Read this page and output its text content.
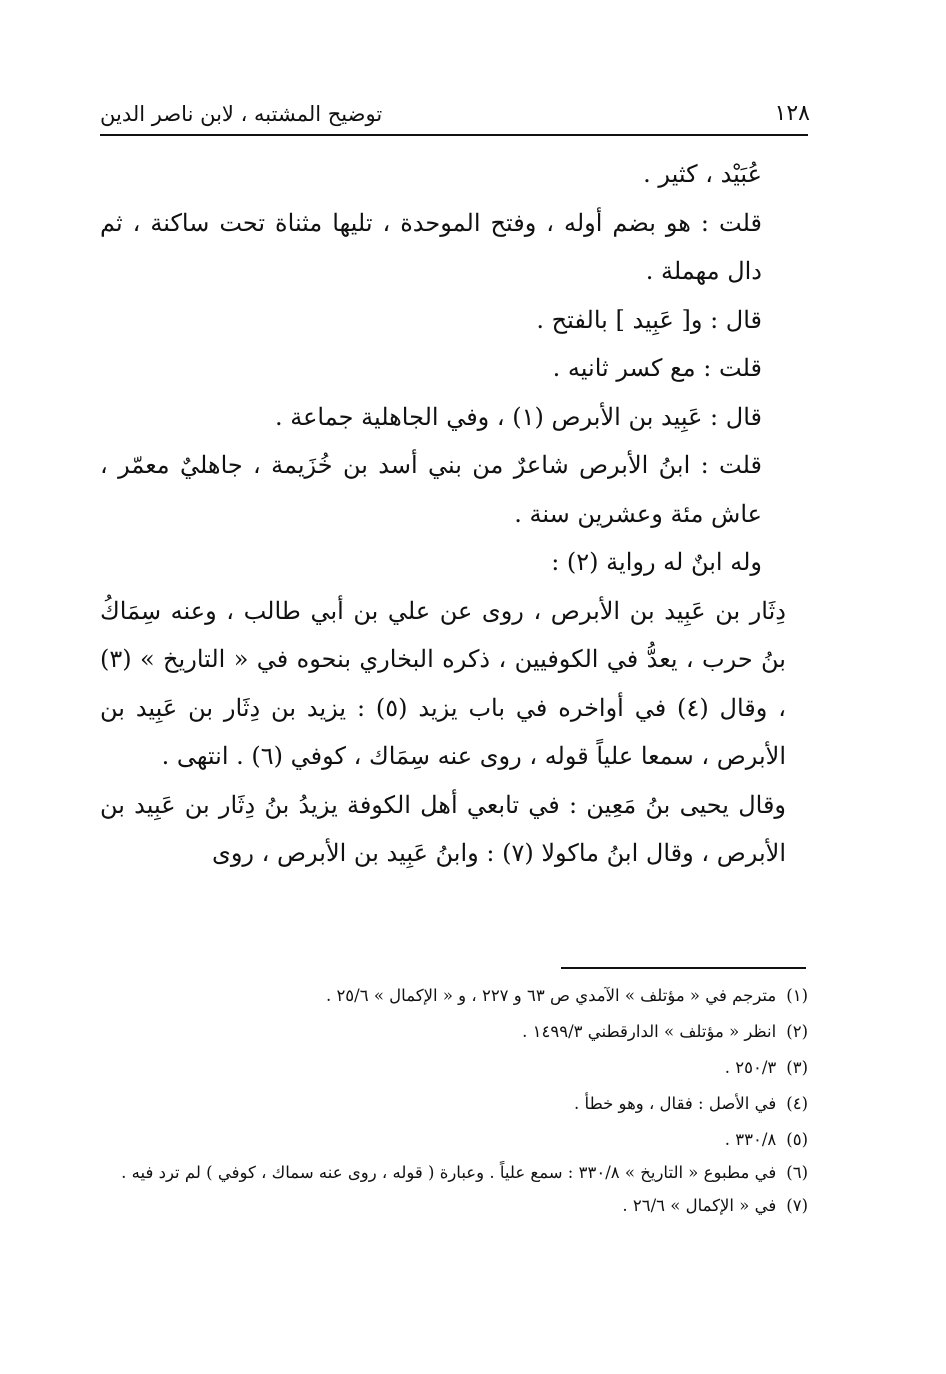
١٢٨
توضيح المشتبه ، لابن ناصر الدين

عُبَيْد ، كثير .

قلت : هو بضم أوله ، وفتح الموحدة ، تليها مثناة تحت ساكنة ، ثم دال مهملة .

قال : و[ عَبِيد ] بالفتح .

قلت : مع كسر ثانيه .

قال : عَبِيد بن الأبرص (١) ، وفي الجاهلية جماعة .

قلت : ابنُ الأبرص شاعرٌ من بني أسد بن خُزَيمة ، جاهليٌ معمّر ، عاش مئة وعشرين سنة .

وله ابنٌ له رواية (٢) :

دِثَار بن عَبِيد بن الأبرص ، روى عن علي بن أبي طالب ، وعنه سِمَاكُ بنُ حرب ، يعدُّ في الكوفيين ، ذكره البخاري بنحوه في « التاريخ » (٣) ، وقال (٤) في أواخره في باب يزيد (٥) : يزيد بن دِثَار بن عَبِيد بن الأبرص ، سمعا علياً قوله ، روى عنه سِمَاك ، كوفي (٦) . انتهى .

وقال يحيى بنُ مَعِين : في تابعي أهل الكوفة يزيدُ بنُ دِثَار بن عَبِيد بن الأبرص ، وقال ابنُ ماكولا (٧) : وابنُ عَبِيد بن الأبرص ، روى

(١)
مترجم في « مؤتلف » الآمدي ص ٦٣ و ٢٢٧ ، و « الإكمال » ٢٥/٦ .

(٢)
انظر « مؤتلف » الدارقطني ١٤٩٩/٣ .

(٣)
٢٥٠/٣ .

(٤)
في الأصل : فقال ، وهو خطأ .

(٥)
٣٣٠/٨ .

(٦)
في مطبوع « التاريخ » ٣٣٠/٨ : سمع علياً . وعبارة ( قوله ، روى عنه سماك ، كوفي ) لم ترد فيه .

(٧)
في « الإكمال » ٢٦/٦ .
